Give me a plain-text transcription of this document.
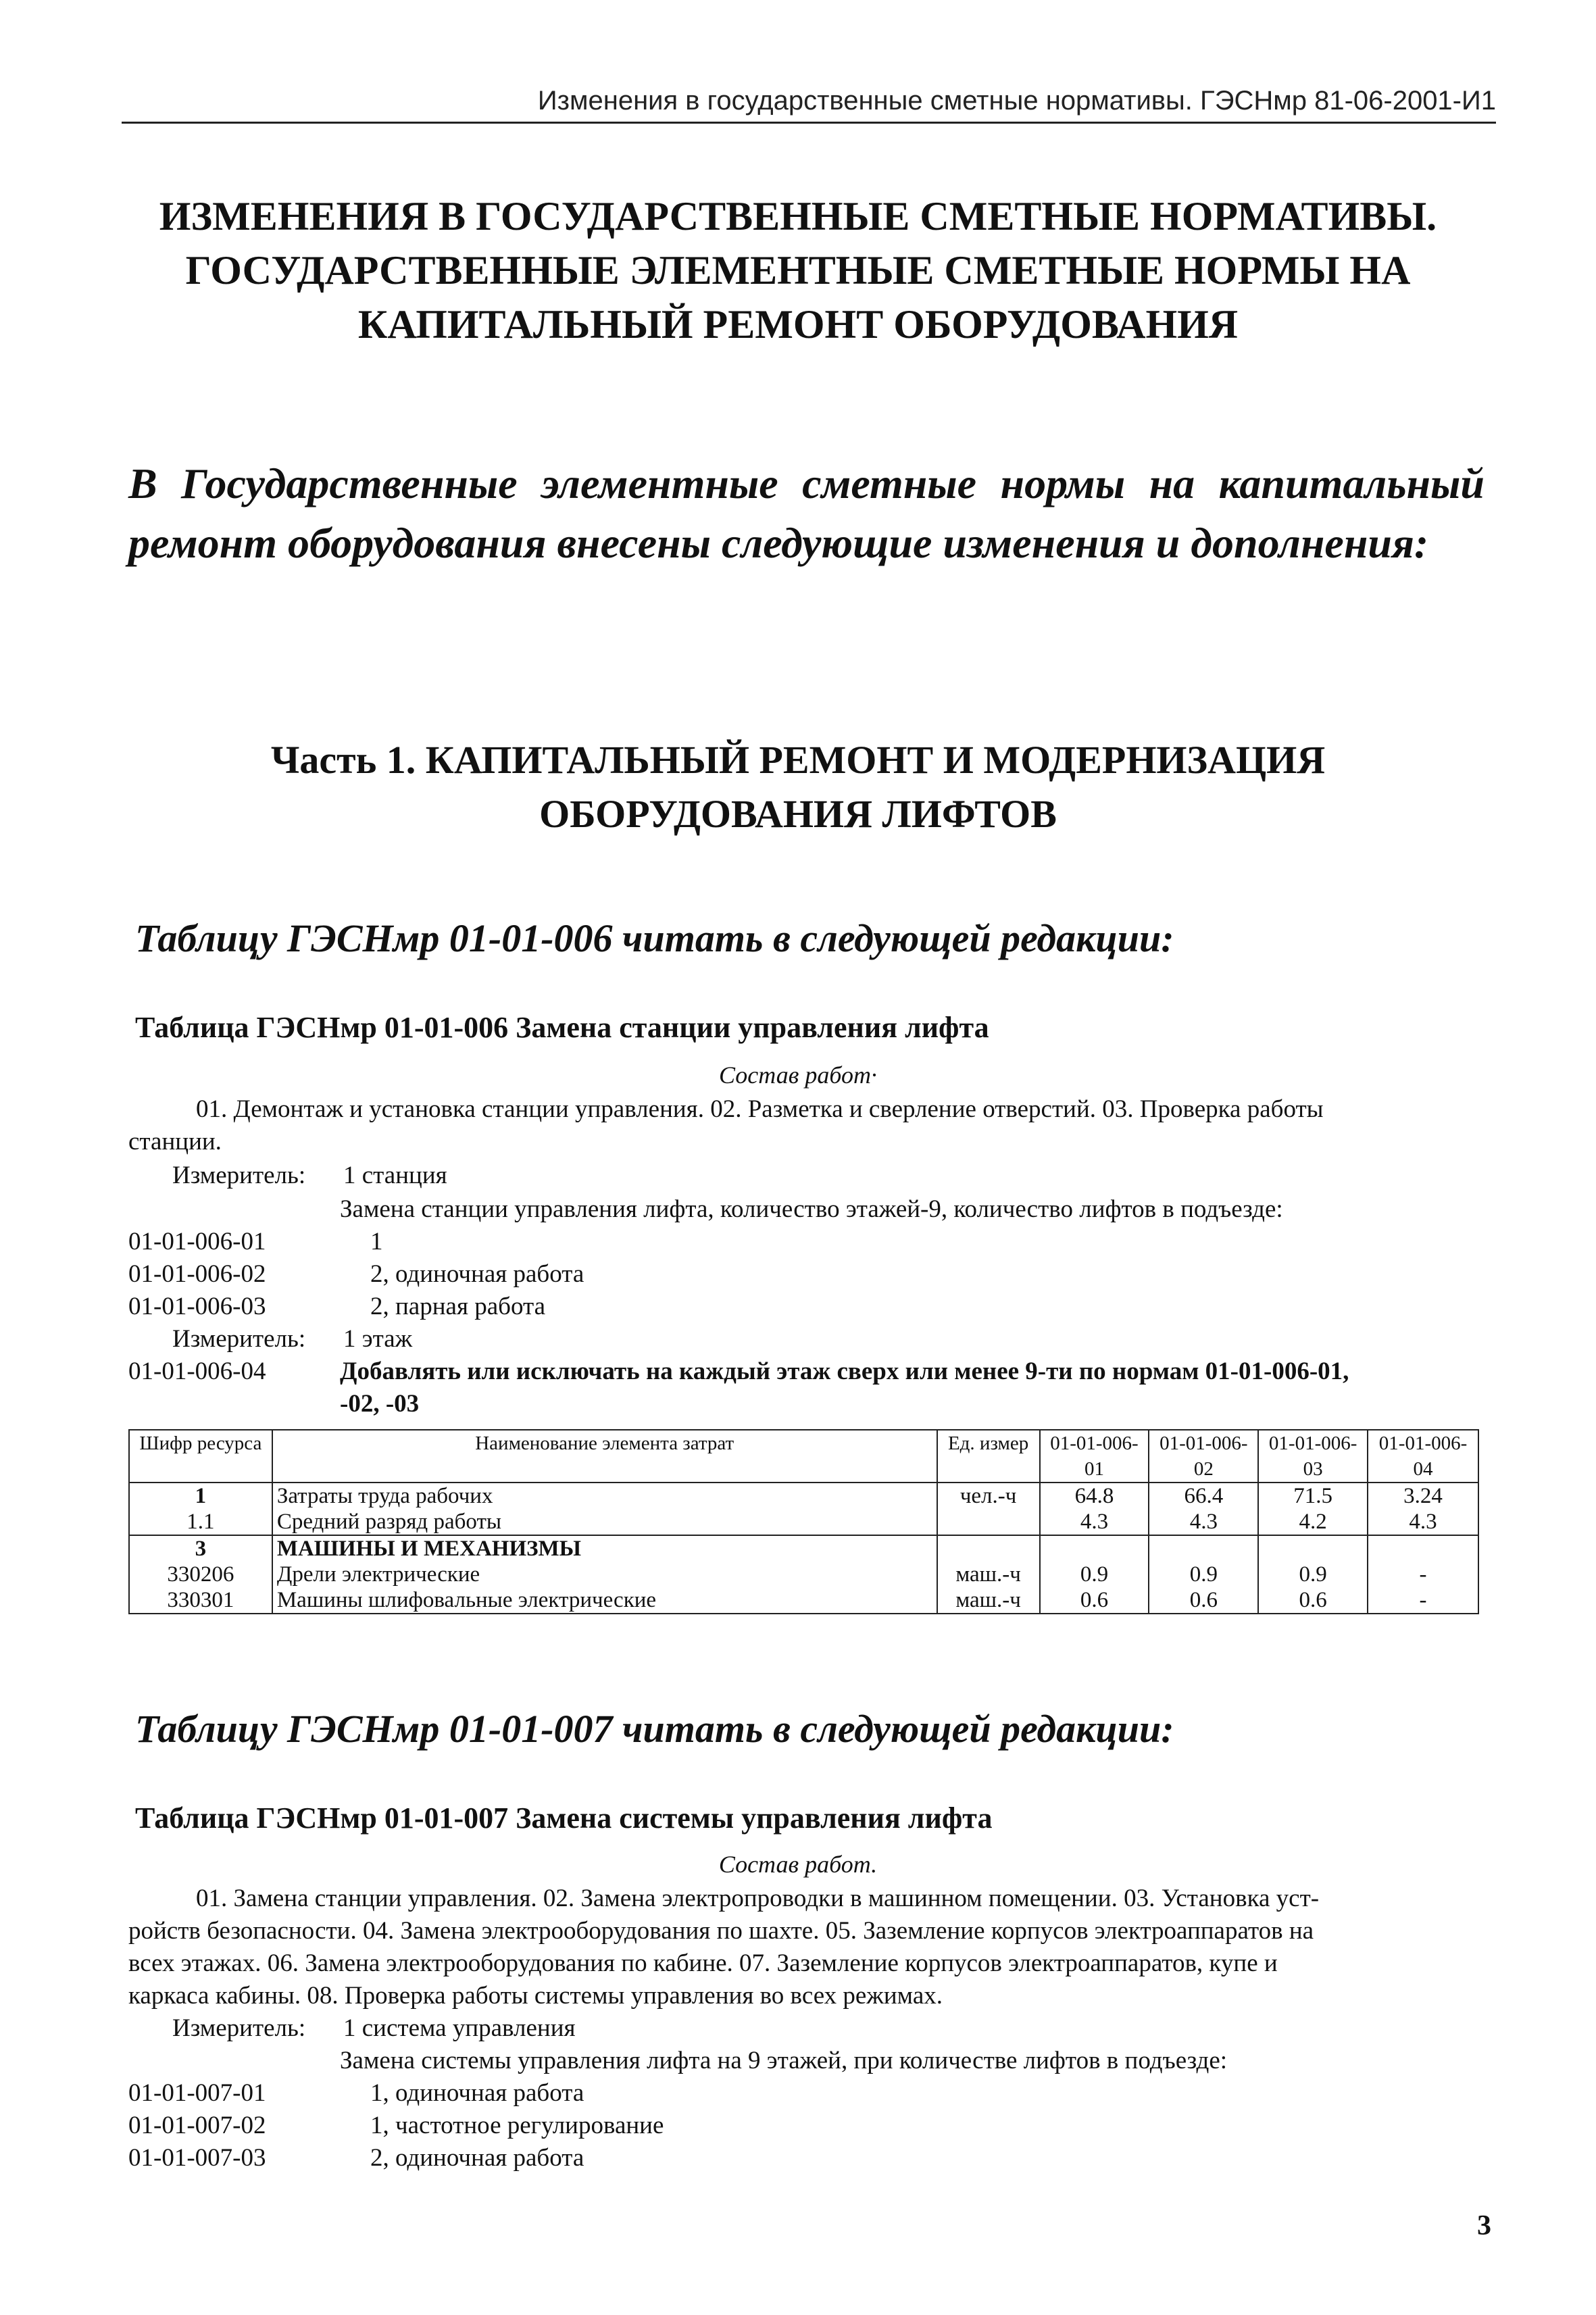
Изменения в государственные сметные нормативы. ГЭСНмр 81-06-2001-И1
ИЗМЕНЕНИЯ В ГОСУДАРСТВЕННЫЕ СМЕТНЫЕ НОРМАТИВЫ.
ГОСУДАРСТВЕННЫЕ ЭЛЕМЕНТНЫЕ СМЕТНЫЕ НОРМЫ НА
КАПИТАЛЬНЫЙ РЕМОНТ ОБОРУДОВАНИЯ
В Государственные элементные сметные нормы на капитальный ремонт оборудования внесены следующие изменения и дополнения:
Часть 1. КАПИТАЛЬНЫЙ РЕМОНТ И МОДЕРНИЗАЦИЯ
ОБОРУДОВАНИЯ ЛИФТОВ
Таблицу ГЭСНмр 01-01-006 читать в следующей редакции:
Таблица ГЭСНмр 01-01-006 Замена станции управления лифта
Состав работ·
01. Демонтаж и установка станции управления. 02. Разметка и сверление отверстий. 03. Проверка работы
станции.
Измеритель: 1 станция
Замена станции управления лифта, количество этажей-9, количество лифтов в подъезде:
01-01-006-01	1
01-01-006-02	2, одиночная работа
01-01-006-03	2, парная работа
Измеритель: 1 этаж
01-01-006-04	Добавлять или исключать на каждый этаж сверх или менее 9-ти по нормам 01-01-006-01,
-02, -03
Шифр ресурса	Наименование элемента затрат	Ед. измер	01-01-006-01	01-01-006-02	01-01-006-03	01-01-006-04
1	Затраты труда рабочих	чел.-ч	64.8	66.4	71.5	3.24
1.1	Средний разряд работы		4.3	4.3	4.2	4.3
3	МАШИНЫ И МЕХАНИЗМЫ					
330206	Дрели электрические	маш.-ч	0.9	0.9	0.9	-
330301	Машины шлифовальные электрические	маш.-ч	0.6	0.6	0.6	-
Таблицу ГЭСНмр 01-01-007 читать в следующей редакции:
Таблица ГЭСНмр 01-01-007 Замена системы управления лифта
Состав работ.
01. Замена станции управления. 02. Замена электропроводки в машинном помещении. 03. Установка уст-
ройств безопасности. 04. Замена электрооборудования по шахте. 05. Заземление корпусов электроаппаратов на
всех этажах. 06. Замена электрооборудования по кабине. 07. Заземление корпусов электроаппаратов, купе и
каркаса кабины. 08. Проверка работы системы управления во всех режимах.
Измеритель: 1 система управления
Замена системы управления лифта на 9 этажей, при количестве лифтов в подъезде:
01-01-007-01	1, одиночная работа
01-01-007-02	1, частотное регулирование
01-01-007-03	2, одиночная работа
3
